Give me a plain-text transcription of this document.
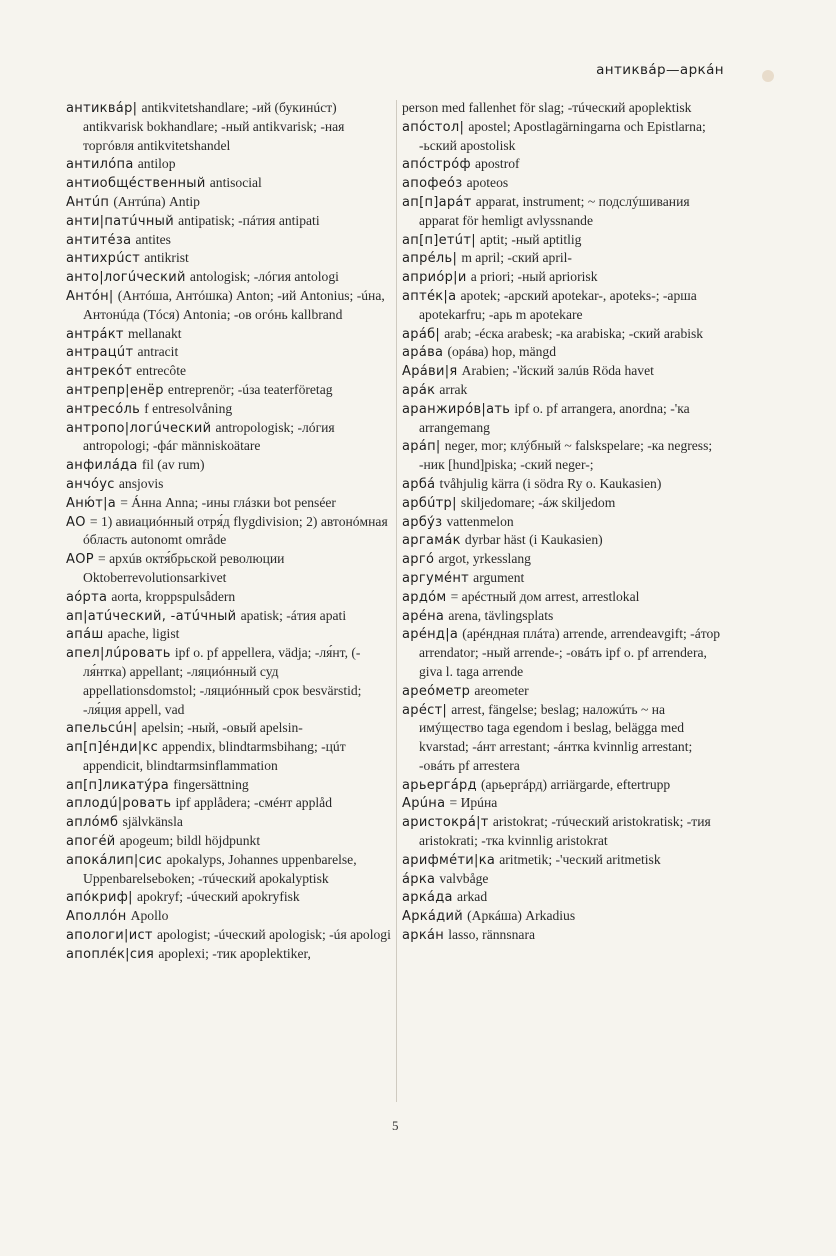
антиквáр—аркáн

антиквáр| antikvitetshandlare; -ий (букинúст) antikvarisk bokhandlare; -ный antikvarisk; -ная торгóвля antikvitetshandel

антилóпа antilop

антиобщéственный antisocial

Антúп (Антúпа) Antip

анти|патúчный antipatisk; -пáтия antipati

антитéза antites

антихрúст antikrist

анто|логúческий antologisk; -лóгия antologi

Антóн| (Антóша, Антóшка) Anton; -ий Antonius; -úна, Антонúда (Тóся) Antonia; -ов огóнь kallbrand

антрáкт mellanakt

антрацúт antracit

антрекóт entrecôte

антрепр|енёр entreprenör; -úза teaterföretag

антресóль f entresolvåning

антропо|логúческий antropologisk; -лóгия antropologi; -фáг människoätare

анфилáда fil (av rum)

анчóус ansjovis

Аню́т|а = Áнна Anna; -ины глáзки bot penséer

АО = 1) авиациóнный отря́д flygdivision; 2) автонóмная óбласть autonomt område

АОР = архúв октя́брьской революции Oktoberrevolutionsarkivet

аóрта aorta, kroppspulsådern

ап|атúческий, -атúчный apatisk; -áтия apati

апáш apache, ligist

апел|лúровать ipf o. pf appellera, vädja; -ля́нт, (-ля́нтка) appellant; -ляциóнный суд appellationsdomstol; -ляциóнный срок besvärstid; -ля́ция appell, vad

апельсúн| apelsin; -ный, -овый apelsin-

ап[п]éнди|кс appendix, blindtarmsbihang; -цúт appendicit, blindtarmsinflammation

ап[п]ликатýра fingersättning

аплодú|ровать ipf applådera; -смéнт applåd

аплóмб självkänsla

апогéй apogeum; bildl höjdpunkt

апокáлип|сис apokalyps, Johannes uppenbarelse, Uppenbarelseboken; -тúческий apokalyptisk

апóкриф| apokryf; -úческий apokryfisk

Аполлóн Apollo

апологи|ист apologist; -úческий apologisk; -úя apologi

апоплéк|сия apoplexi; -тик apoplektiker,

person med fallenhet för slag; -тúческий apoplektisk

апóстол| apostel; Apostlagärningarna och Epistlarna; -ьский apostolisk

апóстрóф apostrof

апофеóз apoteos

ап[п]арáт apparat, instrument; ~ подслýшивания apparat för hemligt avlyssnande

ап[п]етúт| aptit; -ный aptitlig

апрéль| m april; -ский april-

априóр|и a priori; -ный apriorisk

аптéк|а apotek; -арский apotekar-, apoteks-; -арша apotekarfru; -арь m apotekare

арáб| arab; -éска arabesk; -ка arabiska; -ский arabisk

арáва (орáва) hop, mängd

Арáви|я Arabien; -'йский залúв Röda havet

арáк arrak

аранжирóв|ать ipf o. pf arrangera, anordna; -'ка arrangemang

арáп| neger, mor; клýбный ~ falskspelare; -ка negress; -ник [hund]piska; -ский neger-;

арбá tvåhjulig kärra (i södra Ry o. Kaukasien)

арбúтр| skiljedomare; -áж skiljedom

арбýз vattenmelon

аргамáк dyrbar häst (i Kaukasien)

аргó argot, yrkesslang

аргумéнт argument

ардóм = арéстный дом arrest, arrestlokal

арéна arena, tävlingsplats

арéнд|а (арéндная плáта) arrende, arrendeavgift; -áтор arrendator; -ный arrende-; -овáть ipf o. pf arrendera, giva l. taga arrende

ареóметр areometer

арéст| arrest, fängelse; beslag; наложúть ~ на имýщество taga egendom i beslag, belägga med kvarstad; -áнт arrestant; -áнтка kvinnlig arrestant; -овáть pf arrestera

арьергáрд (арьергáрд) arriärgarde, eftertrupp

Арúна = Ирúна

аристокрá|т aristokrat; -тúческий aristokratisk; -тия aristokrati; -тка kvinnlig aristokrat

арифмéти|ка aritmetik; -'ческий aritmetisk

áрка valvbåge

аркáда arkad

Аркáдий (Аркáша) Arkadius

аркáн lasso, rännsnara

5
